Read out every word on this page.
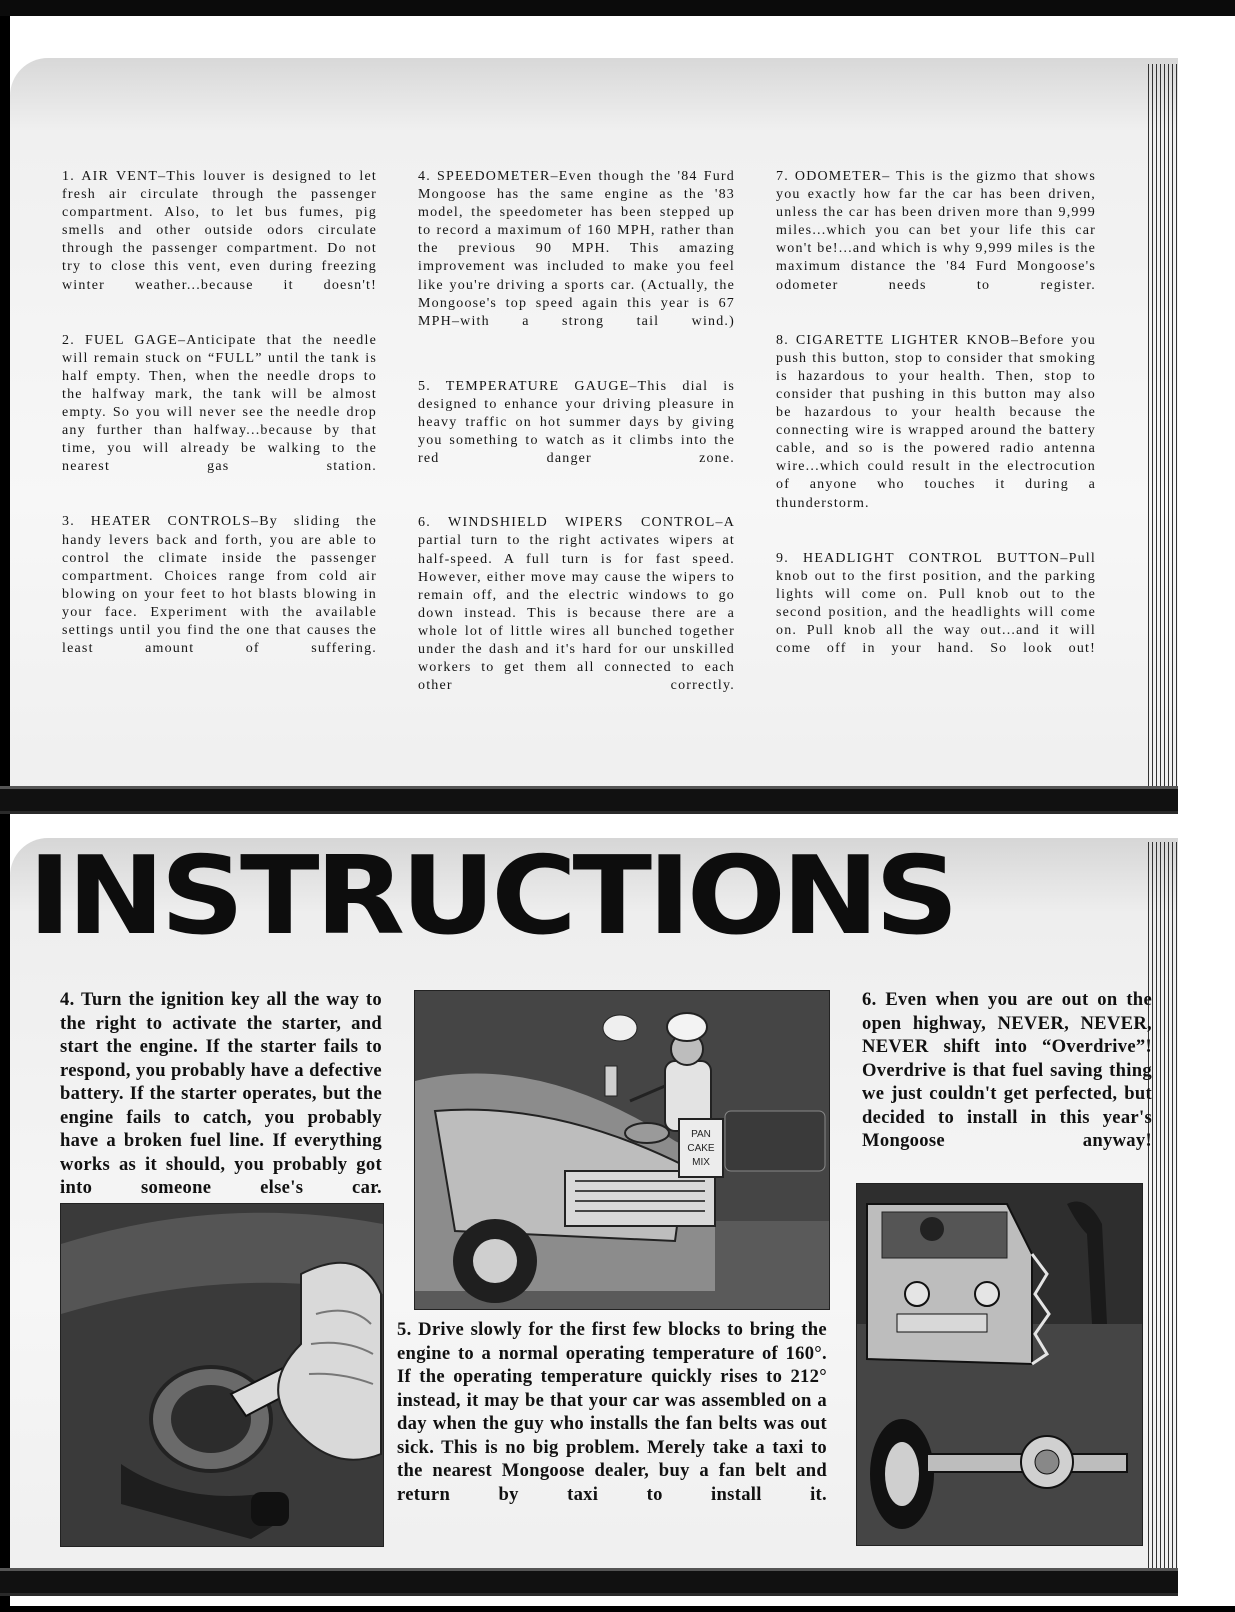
1. AIR VENT–This louver is designed to let fresh air circulate through the passenger compartment. Also, to let bus fumes, pig smells and other outside odors circulate through the passenger compartment. Do not try to close this vent, even during freezing winter weather...because it doesn't!

2. FUEL GAGE–Anticipate that the needle will remain stuck on “FULL” until the tank is half empty. Then, when the needle drops to the halfway mark, the tank will be almost empty. So you will never see the needle drop any further than halfway...because by that time, you will already be walking to the nearest gas station.

3. HEATER CONTROLS–By sliding the handy levers back and forth, you are able to control the climate inside the passenger compartment. Choices range from cold air blowing on your feet to hot blasts blowing in your face. Experiment with the available settings until you find the one that causes the least amount of suffering.

4. SPEEDOMETER–Even though the '84 Furd Mongoose has the same engine as the '83 model, the speedometer has been stepped up to record a maximum of 160 MPH, rather than the previous 90 MPH. This amazing improvement was included to make you feel like you're driving a sports car. (Actually, the Mongoose's top speed again this year is 67 MPH–with a strong tail wind.)

5. TEMPERATURE GAUGE–This dial is designed to enhance your driving pleasure in heavy traffic on hot summer days by giving you something to watch as it climbs into the red danger zone.

6. WINDSHIELD WIPERS CONTROL–A partial turn to the right activates wipers at half-speed. A full turn is for fast speed. However, either move may cause the wipers to remain off, and the electric windows to go down instead. This is because there are a whole lot of little wires all bunched together under the dash and it's hard for our unskilled workers to get them all connected to each other correctly.

7. ODOMETER– This is the gizmo that shows you exactly how far the car has been driven, unless the car has been driven more than 9,999 miles...which you can bet your life this car won't be!...and which is why 9,999 miles is the maximum distance the '84 Furd Mongoose's odometer needs to register.

8. CIGARETTE LIGHTER KNOB–Before you push this button, stop to consider that smoking is hazardous to your health. Then, stop to consider that pushing in this button may also be hazardous to your health because the connecting wire is wrapped around the battery cable, and so is the powered radio antenna wire...which could result in the electrocution of anyone who touches it during a thunderstorm.

9. HEADLIGHT CONTROL BUTTON–Pull knob out to the first position, and the parking lights will come on. Pull knob out to the second position, and the headlights will come on. Pull knob all the way out...and it will come off in your hand. So look out!

INSTRUCTIONS
4. Turn the ignition key all the way to the right to activate the starter, and start the engine. If the starter fails to respond, you probably have a defective battery. If the starter operates, but the engine fails to catch, you probably have a broken fuel line. If everything works as it should, you probably got into someone else's car.
5. Drive slowly for the first few blocks to bring the engine to a normal operating temperature of 160°. If the operating temperature quickly rises to 212° instead, it may be that your car was assembled on a day when the guy who installs the fan belts was out sick. This is no big problem. Merely take a taxi to the nearest Mongoose dealer, buy a fan belt and return by taxi to install it.
6. Even when you are out on the open highway, NEVER, NEVER, NEVER shift into “Overdrive”! Overdrive is that fuel saving thing we just couldn't get perfected, but decided to install in this year's Mongoose anyway!
PAN
CAKE
MIX
